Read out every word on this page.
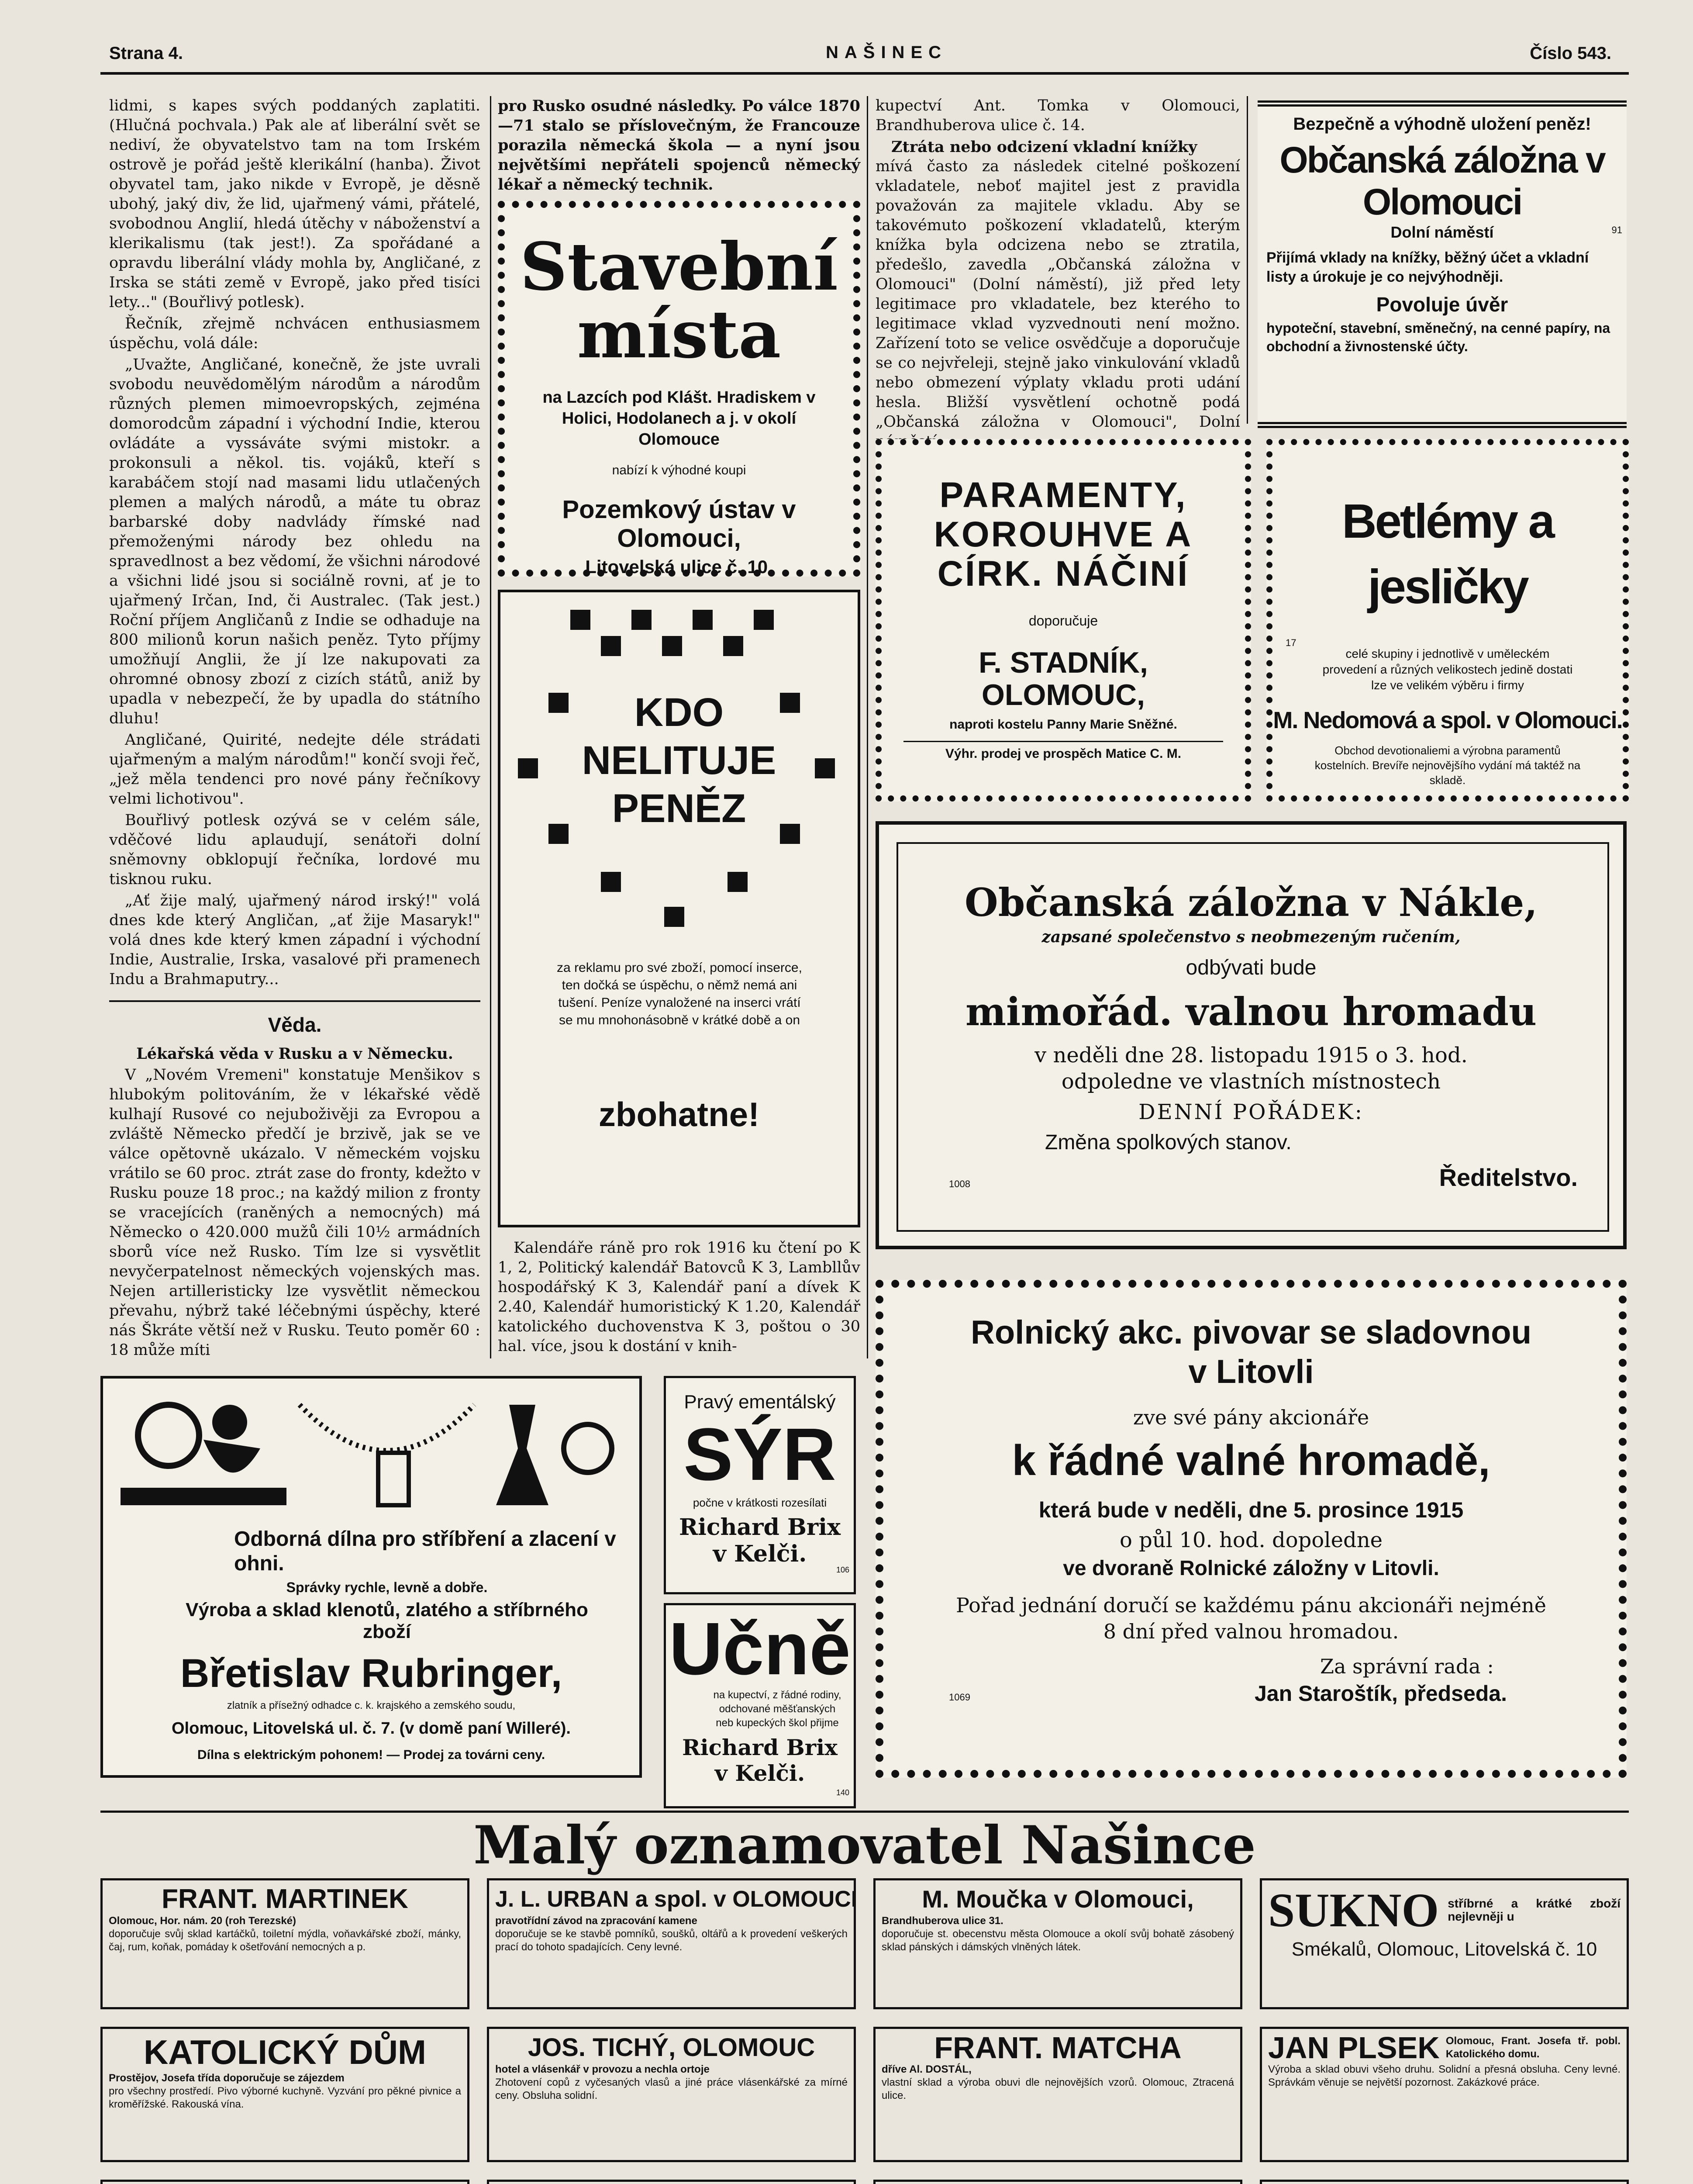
Strana 4.	NAŠINEC	Číslo 543.

lidmi, s kapes svých poddaných zaplatiti. (Hlučná pochvala.) Pak ale ať liberální svět se nediví, že obyvatelstvo tam na tom Irském ostrově je pořád ještě klerikální (hanba). Život obyvatel tam, jako nikde v Evropě, je děsně ubohý, jaký div, že lid, ujařmený vámi, přátelé, svobodnou Anglií, hledá útěchy v náboženství a klerikalismu (tak jest!). Za spořádané a opravdu liberální vlády mohla by, Angličané, z Irska se státi země v Evropě, jako před tisíci lety..." (Bouřlivý potlesk).

Řečník, zřejmě nchvácen enthusiasmem úspěchu, volá dále:

„Uvažte, Angličané, konečně, že jste uvrali svobodu neuvědomělým národům a národům různých plemen mimoevropských, zejména domorodcům západní i východní Indie, kterou ovládáte a vyssáváte svými mistokr. a prokonsuli a někol. tis. vojáků, kteří s karabáčem stojí nad masami lidu utlačených plemen a malých národů, a máte tu obraz barbarské doby nadvlády římské nad přemoženými národy bez ohledu na spravedlnost a bez vědomí, že všichni národové a všichni lidé jsou si sociálně rovni, ať je to ujařmený Irčan, Ind, či Australec. (Tak jest.) Roční příjem Angličanů z Indie se odhaduje na 800 milionů korun našich peněz. Tyto příjmy umožňují Anglii, že jí lze nakupovati za ohromné obnosy zbozí z cizích států, aniž by upadla v nebezpečí, že by upadla do státního dluhu!

Angličané, Quirité, nedejte déle strádati ujařmeným a malým národům!" končí svoji řeč, „jež měla tendenci pro nové pány řečníkovy velmi lichotivou".

Bouřlivý potlesk ozývá se v celém sále, vděčové lidu aplaudují, senátoři dolní sněmovny obklopují řečníka, lordové mu tisknou ruku.

„Ať žije malý, ujařmený národ irský!" volá dnes kde který Angličan, „ať žije Masaryk!" volá dnes kde který kmen západní i východní Indie, Australie, Irska, vasalové při pramenech Indu a Brahmaputry...

Věda.

Lékařská věda v Rusku a v Německu.

V „Novém Vremeni" konstatuje Menšikov s hlubokým politováním, že v lékařské vědě kulhají Rusové co nejuboživěji za Evropou a zvláště Německo předčí je brzivě, jak se ve válce opětovně ukázalo. V německém vojsku vrátilo se 60 proc. ztrát zase do fronty, kdežto v Rusku pouze 18 proc.; na každý milion z fronty se vracejících (raněných a nemocných) má Německo o 420.000 mužů čili 10½ armádních sborů více než Rusko. Tím lze si vysvětlit nevyčerpatelnost německých vojenských mas. Nejen artilleristicky lze vysvětlit německou převahu, nýbrž také léčebnými úspěchy, které nás Škráte větší než v Rusku. Teuto poměr 60 : 18 může míti

pro Rusko osudné následky. Po válce 1870—71 stalo se příslovečným, že Francouze porazila německá škola — a nyní jsou největšími nepřáteli spojenců německý lékař a německý technik.
Stavební
místa
na Lazcích pod Klášt. Hradiskem v Holici, Hodolanech a j. v okolí Olomouce
nabízí k výhodné koupi
Pozemkový ústav v Olomouci,
Litovelská ulice č. 10.
KDO
NELITUJE
PENĚZ
za reklamu pro své zboží, pomocí inserce, ten dočká se úspěchu, o němž nemá ani tušení. Peníze vynaložené na inserci vrátí se mu mnohonásobně v krátké době a on
zbohatne!

Kalendáře ráně pro rok 1916 ku čtení po K 1, 2, Politický kalendář Batovců K 3, Lambllův hospodářský K 3, Kalendář paní a dívek K 2.40, Kalendář humoristický K 1.20, Kalendář katolického duchovenstva K 3, poštou o 30 hal. více, jsou k dostání v knih-

kupectví Ant. Tomka v Olomouci, Brandhuberova ulice č. 14.

Ztráta nebo odcizení vkladní knížky

mívá často za následek citelné poškození vkladatele, neboť majitel jest z pravidla považován za majitele vkladu. Aby se takovémuto poškození vkladatelů, kterým knížka byla odcizena nebo se ztratila, předešlo, zavedla „Občanská záložna v Olomouci" (Dolní náměstí), již před lety legitimace pro vkladatele, bez kterého to legitimace vklad vyzvednouti není možno. Zařízení toto se velice osvědčuje a doporučuje se co nejvřeleji, stejně jako vinkulování vkladů nebo obmezení výplaty vkladu proti udání hesla. Bližší vysvětlení ochotně podá „Občanská záložna v Olomouci", Dolní

Bezpečně a výhodně uložení peněz!
Občanská záložna v Olomouci
Dolní náměstí	91
Přijímá vklady na knížky, běžný účet a vkladní listy a úrokuje je co nejvýhodněji.
Povoluje úvěr
hypoteční, stavební, směnečný, na cenné papíry, na obchodní a živnostenské účty.
PARAMENTY,
KOROUHVE A
CÍRK. NÁČINÍ
doporučuje
F. STADNÍK,
OLOMOUC,
naproti kostelu Panny Marie Sněžné.
Výhr. prodej ve prospěch Matice C. M.
Betlémy a jesličky
celé skupiny i jednotlivě v uměleckém provedení a různých velikostech jedině dostati lze ve velikém výběru i firmy
17
M. Nedomová a spol. v Olomouci.
Obchod devotionaliemi a výrobna paramentů kostelních. Brevíře nejnovějšího vydání má taktéž na skladě.
Občanská záložna v Nákle,
zapsané společenstvo s neobmezeným ručením,
odbývati bude
mimořád. valnou hromadu
v neděli dne 28. listopadu 1915 o 3. hod.
odpoledne ve vlastních místnostech
DENNÍ POŘÁDEK:
Změna spolkových stanov.
1008	Ředitelstvo.
Rolnický akc. pivovar se sladovnou
v Litovli
zve své pány akcionáře
k řádné valné hromadě,
která bude v neděli, dne 5. prosince 1915
o půl 10. hod. dopoledne
ve dvoraně Rolnické záložny v Litovli.
Pořad jednání doručí se každému pánu akcionáři nejméně
8 dní před valnou hromadou.
Za správní rada :
Jan Staroštík, předseda.
1069
Odborná dílna pro stříbření a zlacení v ohni.
Správky rychle, levně a dobře.
Výroba a sklad klenotů, zlatého a stříbrného zboží
Břetislav Rubringer,
zlatník a přísežný odhadce c. k. krajského a zemského soudu,
Olomouc, Litovelská ul. č. 7. (v domě paní Willeré).
Dílna s elektrickým pohonem! — Prodej za továrni ceny.
Pravý ementálský
SÝR
počne v krátkosti rozesílati
Richard Brix
v Kelči.
106
Učně
na kupectví, z řádné rodiny, odchované měšťanských neb kupeckých škol přijme
Richard Brix
v Kelči.
140
Malý oznamovatel Našince
FRANT. MARTINEK
Olomouc, Hor. nám. 20 (roh Terezské)
doporučuje svůj sklad kartáčků, toiletní mýdla, voňavkářské zboží, mánky, čaj, rum, koňak, pomáday k ošetřování nemocných a p.
J. L. URBAN a spol. v OLOMOUCI
pravotřídní závod na zpracování kamene
doporučuje se ke stavbě pomníků, soušků, oltářů a k provedení veškerých prací do tohoto spadajících. Ceny levné.
M. Moučka v Olomouci,
Brandhuberova ulice 31.
doporučuje st. obecenstvu města Olomouce a okolí svůj bohatě zásobený sklad pánských i dámských vlněných látek.
SUKNO stříbrné a krátké zboží nejlevněji u
Smékalů, Olomouc, Litovelská č. 10
KATOLICKÝ DŮM
Prostějov, Josefa třída doporučuje se zájezdem
pro všechny prostředí. Pivo výborné kuchyně. Vyzvání pro pěkné pivnice a kroměřížské. Rakouská vína.
JOS. TICHÝ, OLOMOUC
hotel a vlásenkář v provozu a nechla ortoje
Zhotovení copů z vyčesaných vlasů a jiné práce vlásenkářské za mírné ceny. Obsluha solidní.
FRANT. MATCHA
dříve Al. DOSTÁL,
vlastní sklad a výroba obuvi dle nejnovějších vzorů. Olomouc, Ztracená ulice.
JAN PLSEK Olomouc, Frant. Josefa tř. pobl. Katolického domu.
Výroba a sklad obuvi všeho druhu. Solidní a přesná obsluha. Ceny levné. Správkám věnuje se největší pozornost. Zakázkové práce.
